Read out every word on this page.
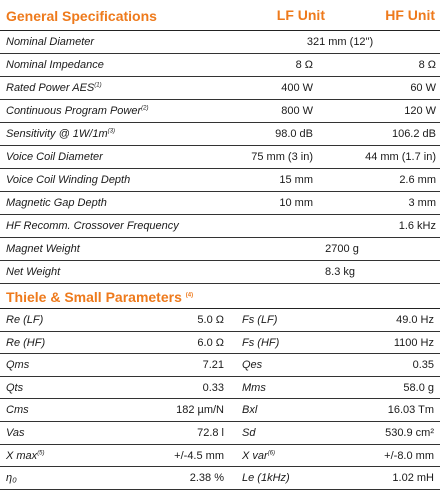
General Specifications	LF Unit	HF Unit
Nominal Diameter	321 mm (12")
Nominal Impedance	8 Ω	8 Ω
Rated Power AES$^{(1)}$	400 W	60 W
Continuous Program Power$^{(2)}$	800 W	120 W
Sensitivity @ $1W/1m^{(3)}$	98.0 dB	106.2 dB
Voice Coil Diameter	75 mm (3 in)	44 mm (1.7 in)
Voice Coil Winding Depth	15 mm	2.6 mm
Magnetic Gap Depth	10 mm	3 mm
HF Recomm. Crossover Frequency	1.6 kHz
Magnet Weight	2700 g
Net Weight	8.3 kg
Thiele & Small Parameters $^{(4)}$
Re (LF)	5.0 Ω Fs (LF)	49.0 Hz
Re (HF)	6.0 Ω Fs (HF)	1100 Hz
Qms	7.21 Qes	0.35
Qts	0.33 Mms	58.0 g
Cms	182 µm/N Bxl	16.03 Tm
Vas	72.8 l Sd	530.9 cm²
X $\max^{(5)}$	+/-4.5 mm X var$^{(6)}$	+/-8.0 mm
η₀	2.38 % Le (1kHz)	1.02 mH
